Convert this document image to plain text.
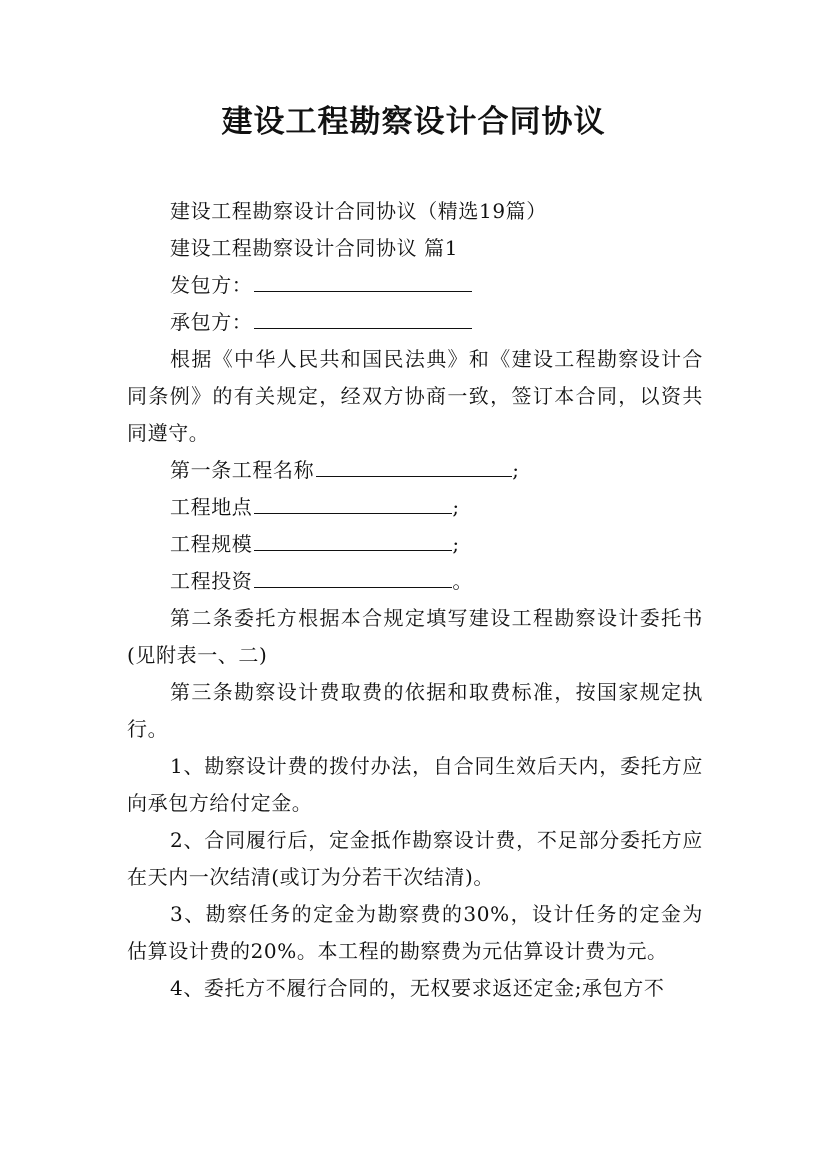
建设工程勘察设计合同协议

建设工程勘察设计合同协议（精选19篇）

建设工程勘察设计合同协议 篇1

发包方：

承包方：

根据《中华人民共和国民法典》和《建设工程勘察设计合同条例》的有关规定，经双方协商一致，签订本合同，以资共同遵守。

第一条工程名称	;

工程地点	;

工程规模	;

工程投资	。

第二条委托方根据本合规定填写建设工程勘察设计委托书(见附表一、二)

第三条勘察设计费取费的依据和取费标准，按国家规定执行。

1、勘察设计费的拨付办法，自合同生效后天内，委托方应向承包方给付定金。

2、合同履行后，定金抵作勘察设计费，不足部分委托方应在天内一次结清(或订为分若干次结清)。

3、勘察任务的定金为勘察费的30%，设计任务的定金为估算设计费的20%。本工程的勘察费为元估算设计费为元。

4、委托方不履行合同的，无权要求返还定金;承包方不
